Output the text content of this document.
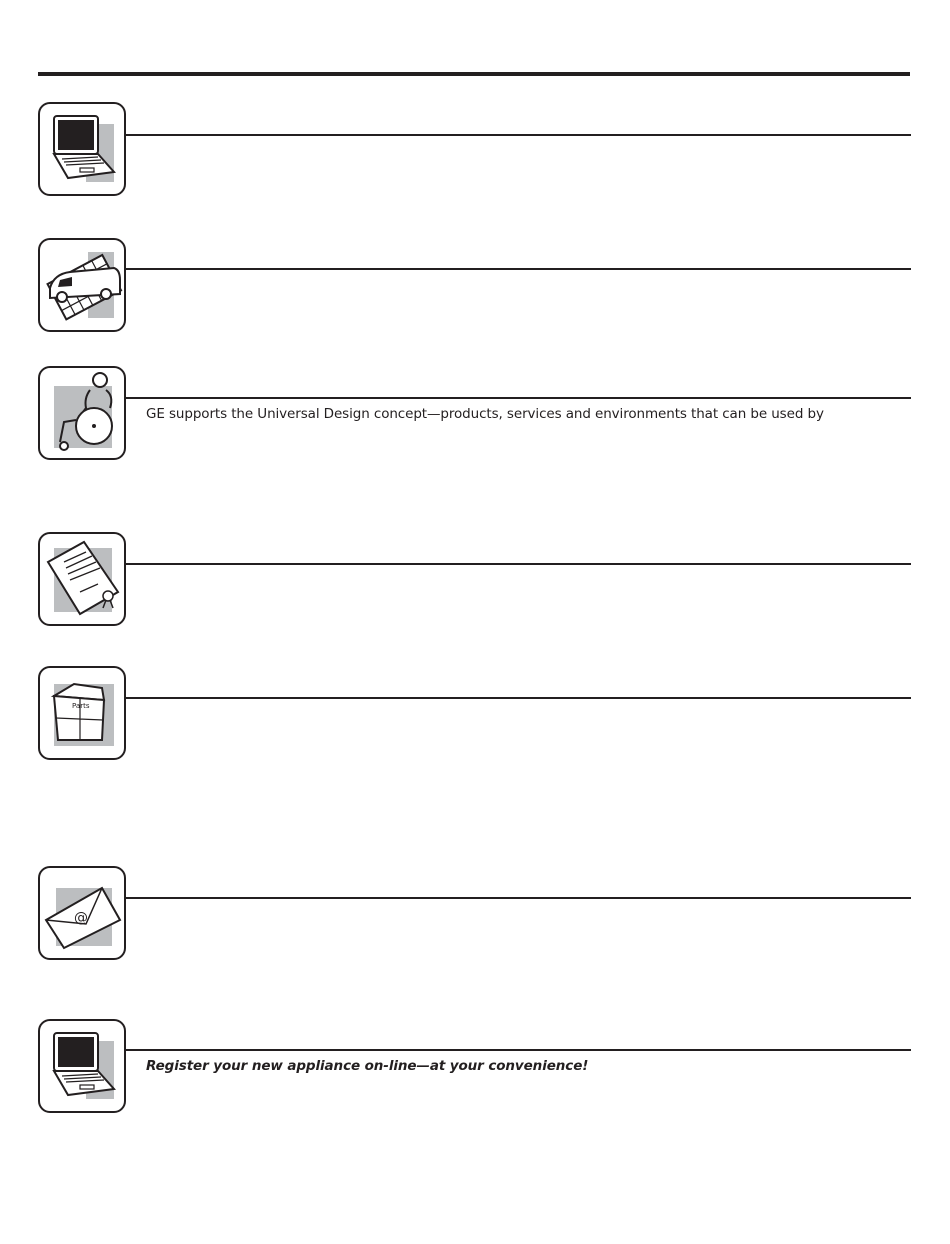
GE supports the Universal Design concept—products, services and environments that can be used by
Parts
@
Register your new appliance on-line—at your convenience!
